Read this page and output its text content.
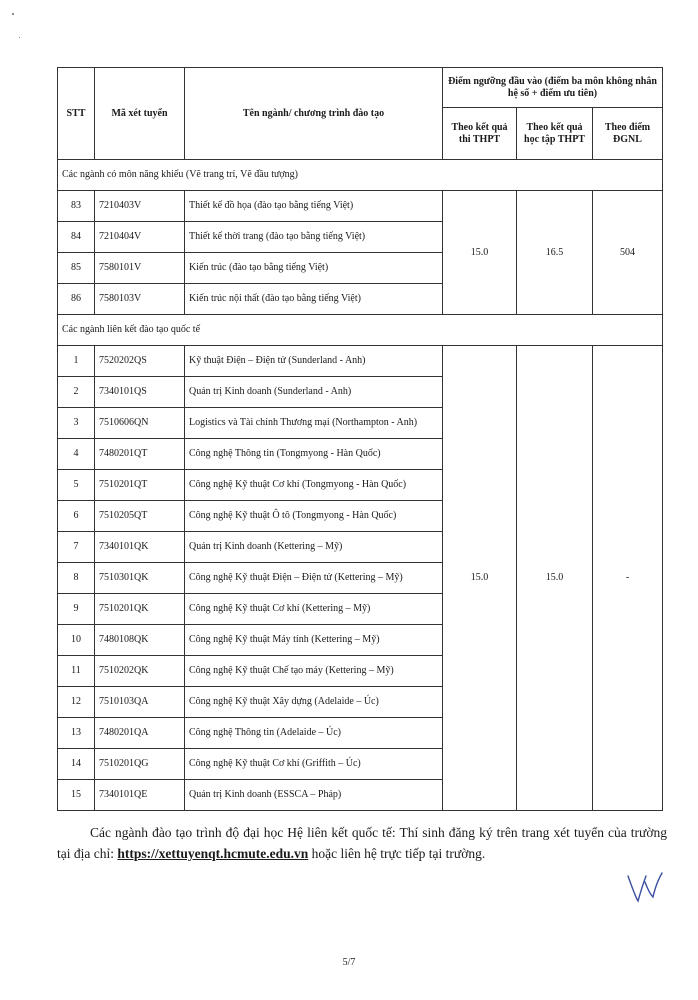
STT	Mã xét tuyển	Tên ngành/ chương trình đào tạo	Điểm ngưỡng đầu vào (điểm ba môn không nhân hệ số + điểm ưu tiên)		
			Theo kết quả thi THPT	Theo kết quả học tập THPT	Theo điểm ĐGNL
Các ngành có môn năng khiếu (Vẽ trang trí, Vẽ đầu tượng)					
83	7210403V	Thiết kế đồ họa (đào tạo bằng tiếng Việt)	15.0	16.5	504
84	7210404V	Thiết kế thời trang (đào tạo bằng tiếng Việt)			
85	7580101V	Kiến trúc (đào tạo bằng tiếng Việt)			
86	7580103V	Kiến trúc nội thất (đào tạo bằng tiếng Việt)			
Các ngành liên kết đào tạo quốc tế					
1	7520202QS	Kỹ thuật Điện – Điện tử (Sunderland - Anh)	15.0	15.0	-
2	7340101QS	Quản trị Kinh doanh (Sunderland - Anh)			
3	7510606QN	Logistics và Tài chính Thương mại (Northampton - Anh)			
4	7480201QT	Công nghệ Thông tin (Tongmyong - Hàn Quốc)			
5	7510201QT	Công nghệ Kỹ thuật Cơ khí (Tongmyong - Hàn Quốc)			
6	7510205QT	Công nghệ Kỹ thuật Ô tô (Tongmyong - Hàn Quốc)			
7	7340101QK	Quản trị Kinh doanh (Kettering – Mỹ)			
8	7510301QK	Công nghệ Kỹ thuật Điện – Điện tử (Kettering – Mỹ)			
9	7510201QK	Công nghệ Kỹ thuật Cơ khí (Kettering – Mỹ)			
10	7480108QK	Công nghệ Kỹ thuật Máy tính (Kettering – Mỹ)			
11	7510202QK	Công nghệ Kỹ thuật Chế tạo máy (Kettering – Mỹ)			
12	7510103QA	Công nghệ Kỹ thuật Xây dựng (Adelaide – Úc)			
13	7480201QA	Công nghệ Thông tin (Adelaide – Úc)			
14	7510201QG	Công nghệ Kỹ thuật Cơ khí (Griffith – Úc)			
15	7340101QE	Quản trị Kinh doanh (ESSCA – Pháp)			

Các ngành đào tạo trình độ đại học Hệ liên kết quốc tế: Thí sinh đăng ký trên trang xét tuyển của trường tại địa chỉ: https://xettuyenqt.hcmute.edu.vn hoặc liên hệ trực tiếp tại trường.

5/7
